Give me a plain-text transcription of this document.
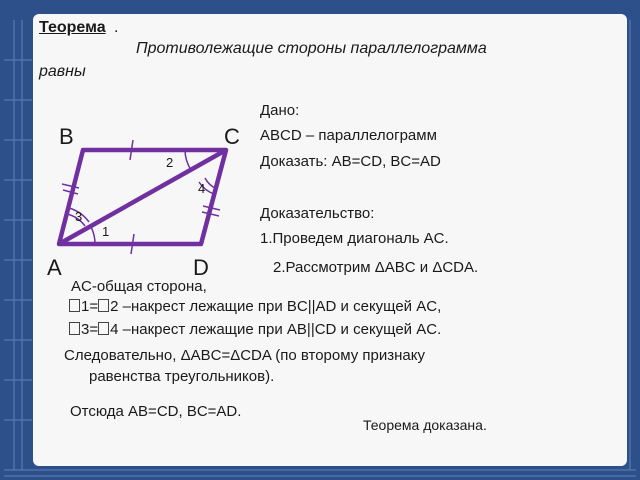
Теорема .
Противолежащие стороны параллелограмма
равны
B	C
A	D
1
2
3
4
Дано:
ABCD – параллелограмм
Доказать: AB=CD, BC=AD
Доказательство:
1.Проведем диагональ AC.
2.Рассмотрим ΔABC и ΔCDA.
AC-общая сторона,
1= 2 –накрест лежащие при BC||AD и секущей AC,
3= 4 –накрест лежащие при AB||CD и секущей AC.
Следовательно, ΔABC=ΔCDA (по второму признаку
равенства треугольников).
Отсюда AB=CD, BC=AD.
Теорема доказана.
